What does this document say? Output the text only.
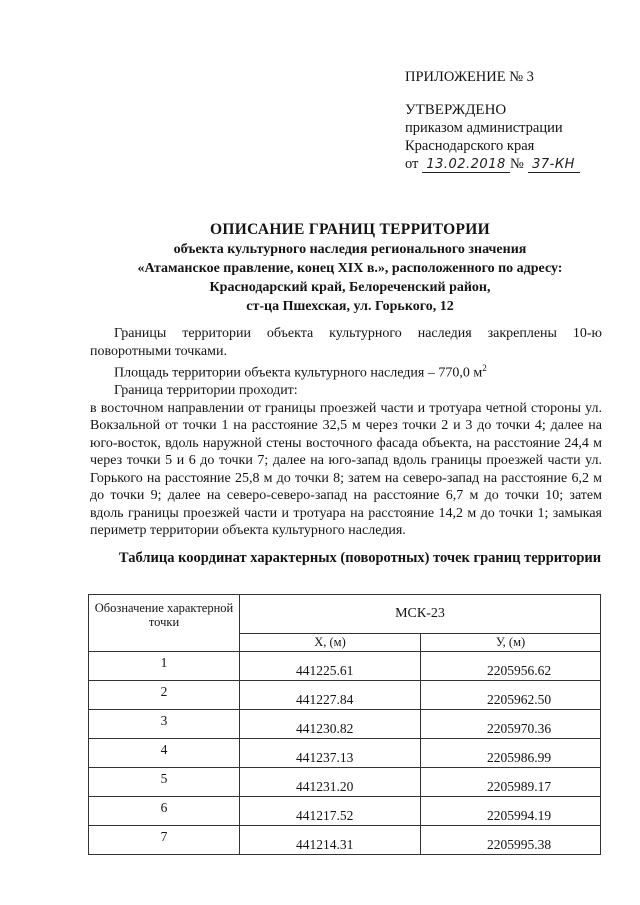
ПРИЛОЖЕНИЕ № 3
УТВЕРЖДЕНО
приказом администрации
Краснодарского края
от 13.02.2018 № 37-КН
ОПИСАНИЕ ГРАНИЦ ТЕРРИТОРИИ
объекта культурного наследия регионального значения
«Атаманское правление, конец XIX в.», расположенного по адресу:
Краснодарский край, Белореченский район,
ст-ца Пшехская, ул. Горького, 12

Границы территории объекта культурного наследия закреплены 10-ю поворотными точками.

Площадь территории объекта культурного наследия – 770,0 $м^2$

Граница территории проходит:

в восточном направлении от границы проезжей части и тротуара четной стороны ул. Вокзальной от точки 1 на расстояние 32,5 м через точки 2 и 3 до точки 4; далее на юго-восток, вдоль наружной стены восточного фасада объекта, на расстояние 24,4 м через точки 5 и 6 до точки 7; далее на юго-запад вдоль границы проезжей части ул. Горького на расстояние 25,8 м до точки 8; затем на северо-запад на расстояние 6,2 м до точки 9; далее на северо-северо-запад на расстояние 6,7 м до точки 10; затем вдоль границы проезжей части и тротуара на расстояние 14,2 м до точки 1; замыкая периметр территории объекта культурного наследия.

Таблица координат характерных (поворотных) точек границ территории
Обозначение характерной точки	МСК-23	
	Х, (м)	У, (м)
1	441225.61	2205956.62
2	441227.84	2205962.50
3	441230.82	2205970.36
4	441237.13	2205986.99
5	441231.20	2205989.17
6	441217.52	2205994.19
7	441214.31	2205995.38
